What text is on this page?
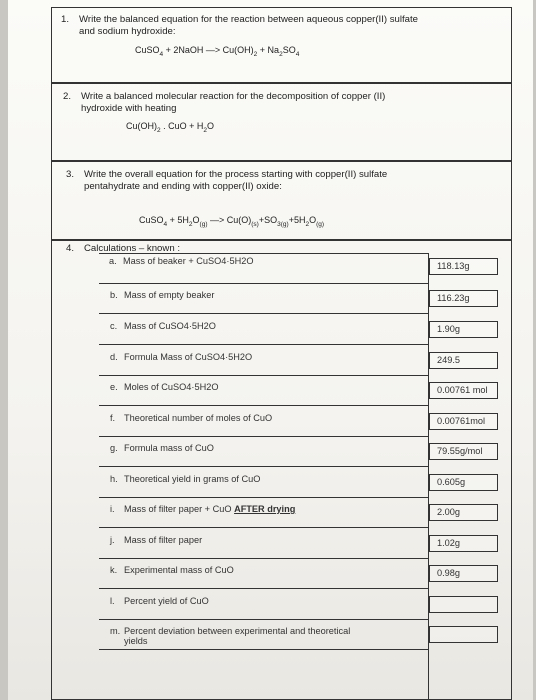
1. Write the balanced equation for the reaction between aqueous copper(II) sulfate
and sodium hydroxide:
CuSO$_4$ + 2NaOH —> $Cu(OH)_2 + Na_2SO_4$
2. Write a balanced molecular reaction for the decomposition of copper (II)
hydroxide with heating
$Cu(OH)_2$ . CuO + $H_2O$
3. Write the overall equation for the process starting with copper(II) sulfate
pentahydrate and ending with copper(II) oxide:
CuSO$_4$ + $5H_2O_{(g)}$ —> $Cu(O)_{(s)}+SO_{3(g)}+5H_2O_{(g)}$
4. Calculations – known :
a. Mass of beaker + CuSO4·5H2O	118.13g
b. Mass of empty beaker	116.23g
c. Mass of CuSO4·5H2O	1.90g
d. Formula Mass of CuSO4·5H2O	249.5
e. Moles of CuSO4·5H2O	0.00761 mol
f. Theoretical number of moles of CuO	0.00761mol
g. Formula mass of CuO	79.55g/mol
h. Theoretical yield in grams of CuO	0.605g
i. Mass of filter paper + CuO AFTER drying	2.00g
j. Mass of filter paper	1.02g
k. Experimental mass of CuO	0.98g
l. Percent yield of CuO
m. Percent deviation between experimental and theoretical
yields
